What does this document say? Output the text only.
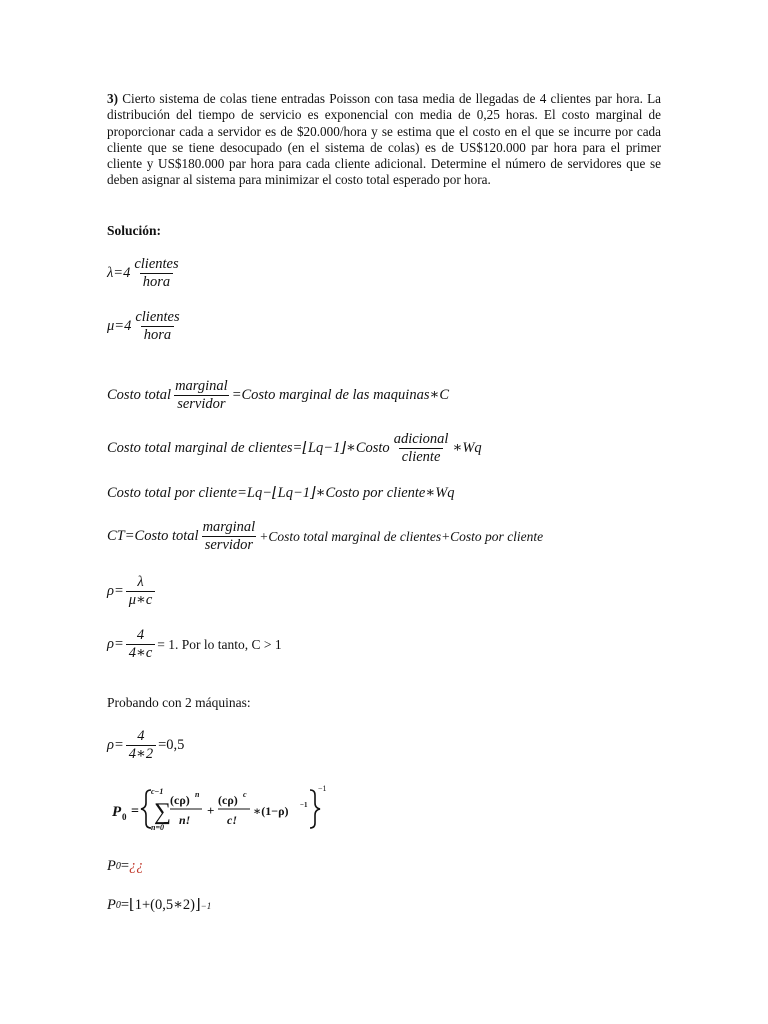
3) Cierto sistema de colas tiene entradas Poisson con tasa media de llegadas de 4 clientes par hora. La distribución del tiempo de servicio es exponencial con media de 0,25 horas. El costo marginal de proporcionar cada a servidor es de $20.000/hora y se estima que el costo en el que se incurre por cada cliente que se tiene desocupado (en el sistema de colas) es de US$120.000 par hora para el primer cliente y US$180.000 par hora para cada cliente adicional. Determine el número de servidores que se deben asignar al sistema para minimizar el costo total esperado por hora.

Solución:
$\lambda=4 \frac{\text{clientes}}{\text{hora}}$
$\mu=4 \frac{\text{clientes}}{\text{hora}}$
Costo total $\frac{\text{marginal}}{\text{servidor}}$ =Costo marginal de las maquinas∗C
Costo total marginal de clientes=⌊Lq−1⌋∗Costo $\frac{\text{adicional}}{\text{cliente}}$ ∗Wq
Costo total por cliente=Lq−⌊Lq−1⌋∗Costo por cliente∗Wq
CT=Costo total $\frac{\text{marginal}}{\text{servidor}}$ +Costo total marginal de clientes+Costo por cliente
$\rho= \frac{\lambda}{\mu∗c}$
$\rho= \frac{4}{4∗c} = 1$. Por lo tanto, C > 1
Probando con 2 máquinas:
$\rho= \frac{4}{4∗2} =0,5$
P 0 =
c−1
∑
n=0
(cρ) n
n!
+
(cρ) c
c!
∗(1−ρ) −1
−1
P 0 = ¿¿
P 0 =⌊1+(0,5∗2)⌋ −1
